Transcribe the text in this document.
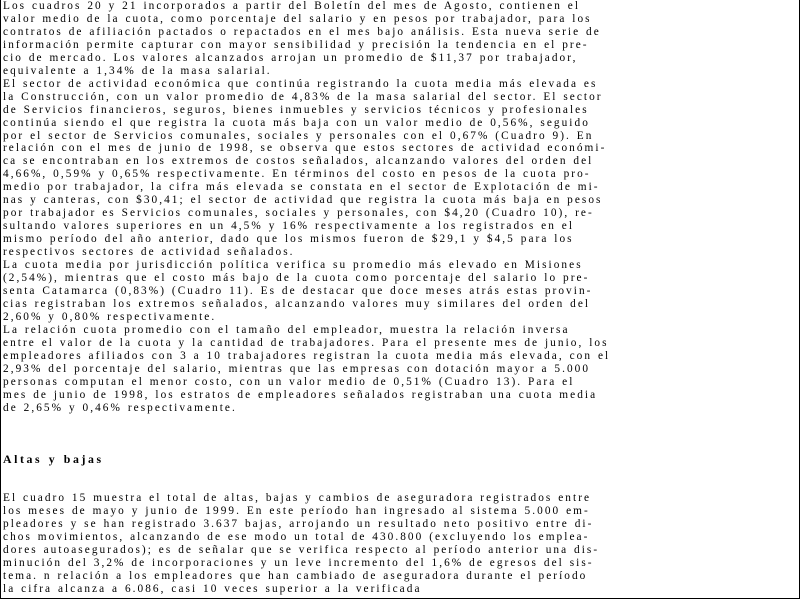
Los cuadros 20 y 21 incorporados a partir del Boletín del mes de Agosto, contienen el
valor medio de la cuota, como porcentaje del salario y en pesos por trabajador, para los
contratos de afiliación pactados o repactados en el mes bajo análisis. Esta nueva serie de
información permite capturar con mayor sensibilidad y precisión la tendencia en el pre-
cio de mercado. Los valores alcanzados arrojan un promedio de $11,37 por trabajador,
equivalente a 1,34% de la masa salarial.
El sector de actividad económica que continúa registrando la cuota media más elevada es
la Construcción, con un valor promedio de 4,83% de la masa salarial del sector. El sector
de Servicios financieros, seguros, bienes inmuebles y servicios técnicos y profesionales
continúa siendo el que registra la cuota más baja con un valor medio de 0,56%, seguido
por el sector de Servicios comunales, sociales y personales con el 0,67% (Cuadro 9). En
relación con el mes de junio de 1998, se observa que estos sectores de actividad económi-
ca se encontraban en los extremos de costos señalados, alcanzando valores del orden del
4,66%, 0,59% y 0,65% respectivamente. En términos del costo en pesos de la cuota pro-
medio por trabajador, la cifra más elevada se constata en el sector de Explotación de mi-
nas y canteras, con $30,41; el sector de actividad que registra la cuota más baja en pesos
por trabajador es Servicios comunales, sociales y personales, con $4,20 (Cuadro 10), re-
sultando valores superiores en un 4,5% y 16% respectivamente a los registrados en el
mismo período del año anterior, dado que los mismos fueron de $29,1 y $4,5 para los
respectivos sectores de actividad señalados.
La cuota media por jurisdicción política verifica su promedio más elevado en Misiones
(2,54%), mientras que el costo más bajo de la cuota como porcentaje del salario lo pre-
senta Catamarca (0,83%) (Cuadro 11). Es de destacar que doce meses atrás estas provin-
cias registraban los extremos señalados, alcanzando valores muy similares del orden del
2,60% y 0,80% respectivamente.
La relación cuota promedio con el tamaño del empleador, muestra la relación inversa
entre el valor de la cuota y la cantidad de trabajadores. Para el presente mes de junio, los
empleadores afiliados con 3 a 10 trabajadores registran la cuota media más elevada, con el
2,93% del porcentaje del salario, mientras que las empresas con dotación mayor a 5.000
personas computan el menor costo, con un valor medio de 0,51% (Cuadro 13). Para el
mes de junio de 1998, los estratos de empleadores señalados registraban una cuota media
de 2,65% y 0,46% respectivamente.
Altas y bajas
El cuadro 15 muestra el total de altas, bajas y cambios de aseguradora registrados entre
los meses de mayo y junio de 1999. En este período han ingresado al sistema 5.000 em-
pleadores y se han registrado 3.637 bajas, arrojando un resultado neto positivo entre di-
chos movimientos, alcanzando de ese modo un total de 430.800 (excluyendo los emplea-
dores autoasegurados); es de señalar que se verifica respecto al período anterior una dis-
minución del 3,2% de incorporaciones y un leve incremento del 1,6% de egresos del sis-
tema. n relación a los empleadores que han cambiado de aseguradora durante el período
la cifra alcanza a 6.086, casi 10 veces superior a la verificada
